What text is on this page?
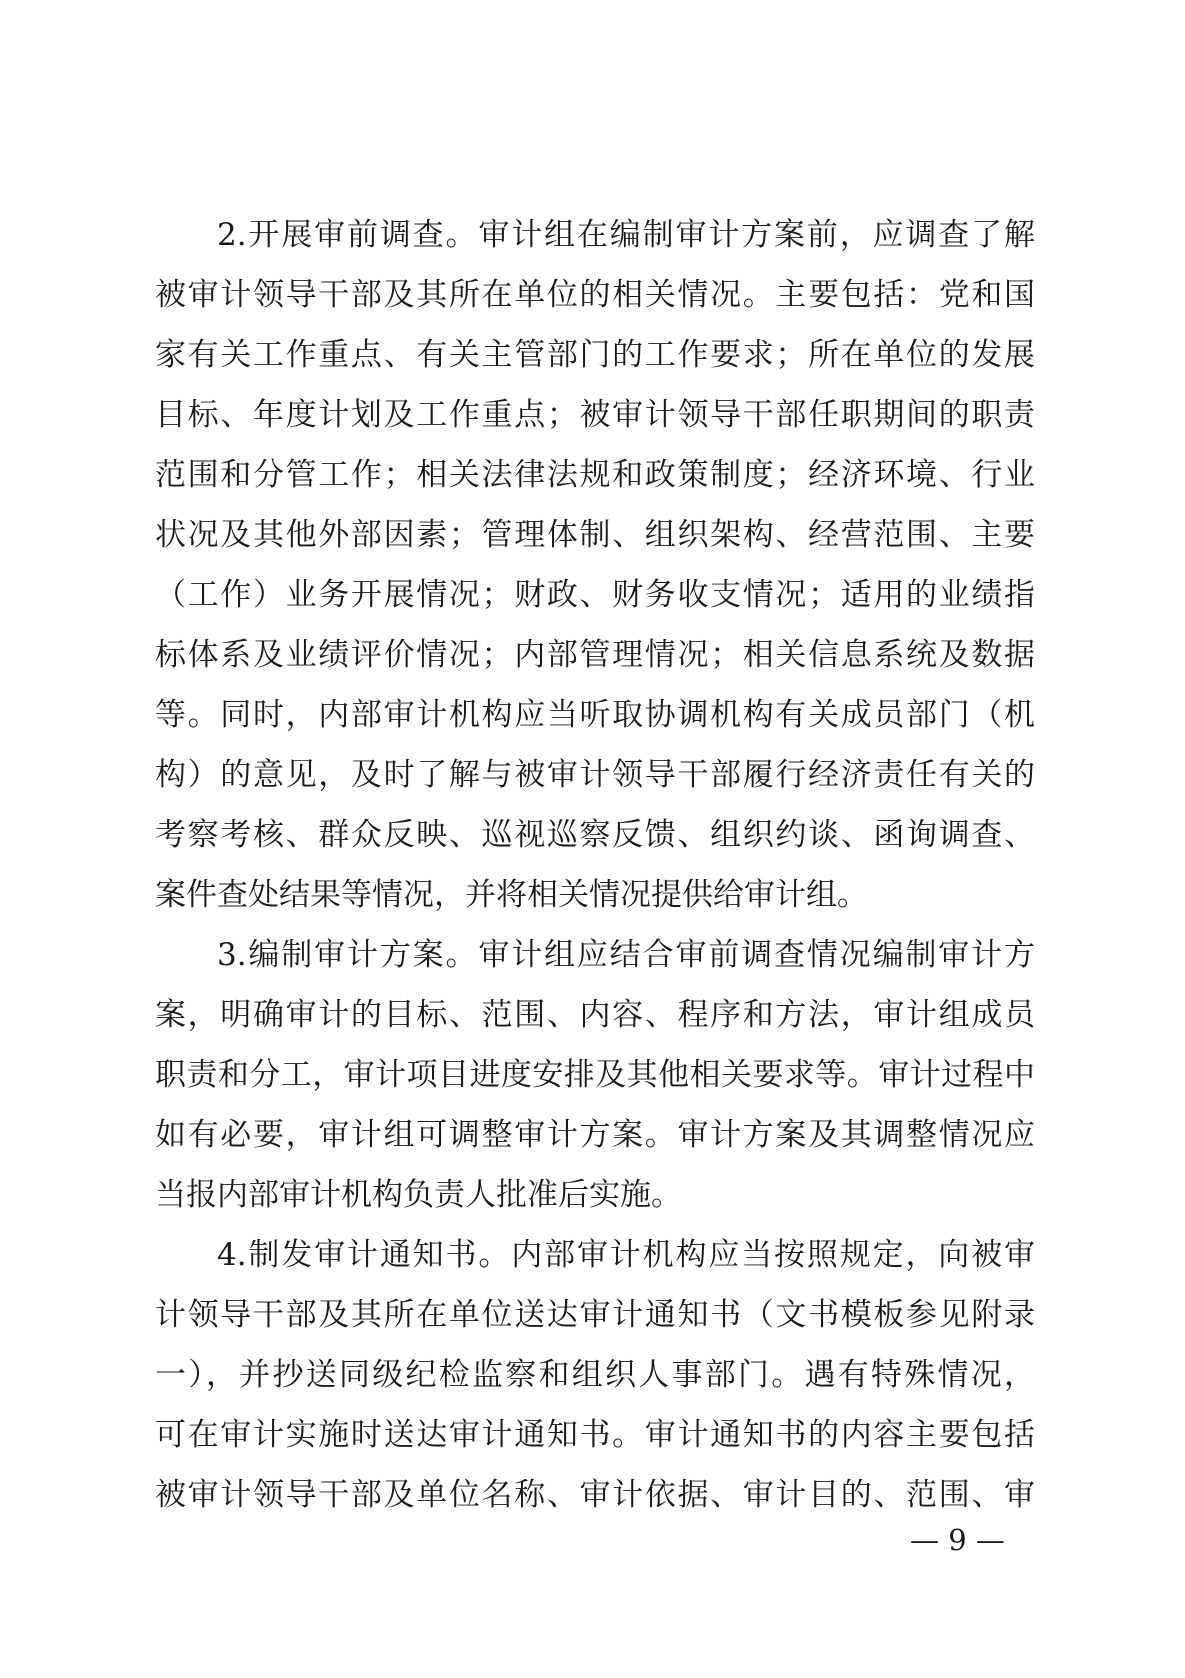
2.开展审前调查。审计组在编制审计方案前，应调查了解
被审计领导干部及其所在单位的相关情况。主要包括：党和国
家有关工作重点、有关主管部门的工作要求；所在单位的发展
目标、年度计划及工作重点；被审计领导干部任职期间的职责
范围和分管工作；相关法律法规和政策制度；经济环境、行业
状况及其他外部因素；管理体制、组织架构、经营范围、主要
（工作）业务开展情况；财政、财务收支情况；适用的业绩指
标体系及业绩评价情况；内部管理情况；相关信息系统及数据
等。同时，内部审计机构应当听取协调机构有关成员部门（机
构）的意见，及时了解与被审计领导干部履行经济责任有关的
考察考核、群众反映、巡视巡察反馈、组织约谈、函询调查、
案件查处结果等情况，并将相关情况提供给审计组。
3.编制审计方案。审计组应结合审前调查情况编制审计方
案，明确审计的目标、范围、内容、程序和方法，审计组成员
职责和分工，审计项目进度安排及其他相关要求等。审计过程中
如有必要，审计组可调整审计方案。审计方案及其调整情况应
当报内部审计机构负责人批准后实施。
4.制发审计通知书。内部审计机构应当按照规定，向被审
计领导干部及其所在单位送达审计通知书（文书模板参见附录
一），并抄送同级纪检监察和组织人事部门。遇有特殊情况，
可在审计实施时送达审计通知书。审计通知书的内容主要包括
被审计领导干部及单位名称、审计依据、审计目的、范围、审
— 9 —
